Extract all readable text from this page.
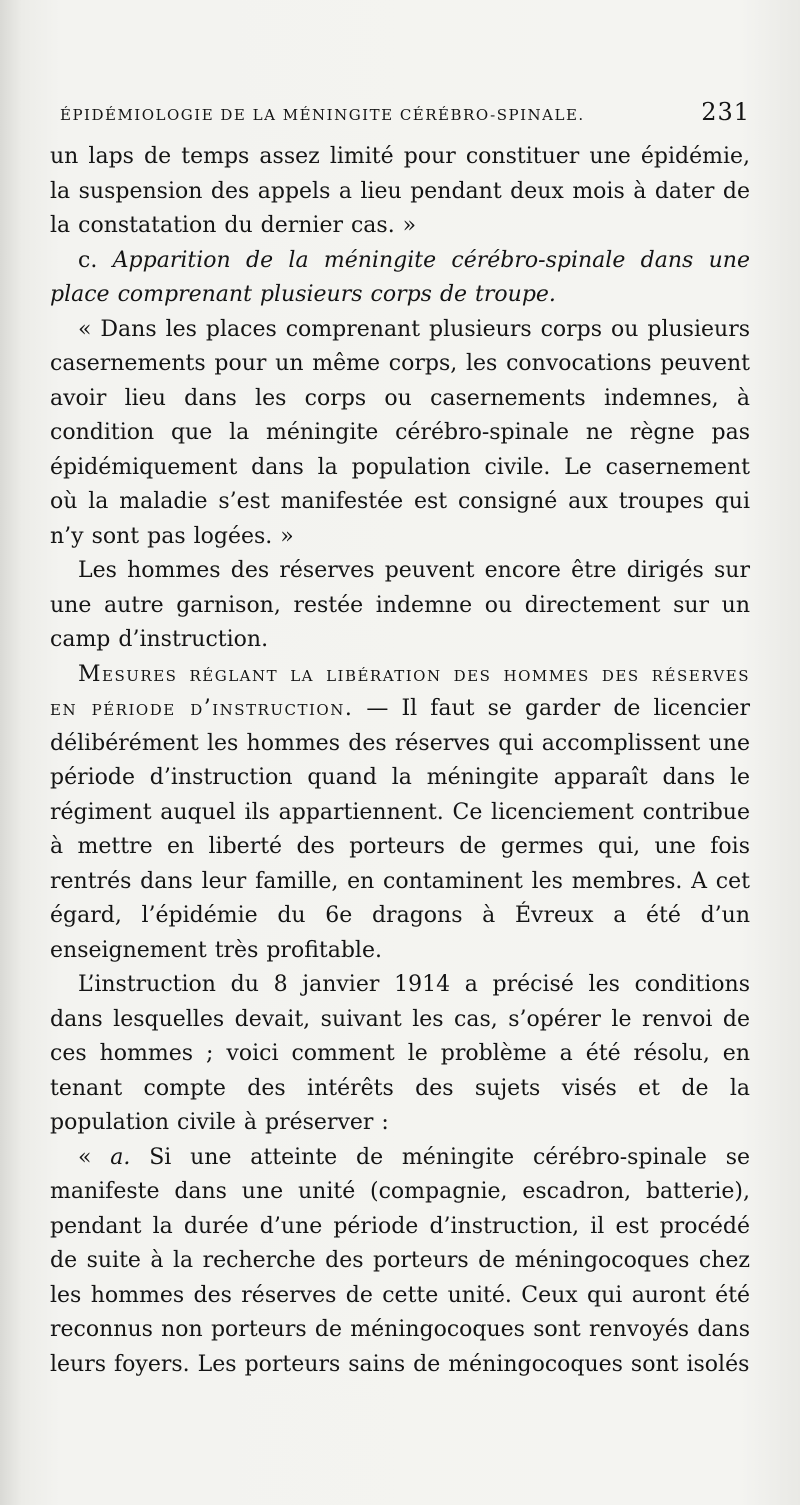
ÉPIDÉMIOLOGIE DE LA MÉNINGITE CÉRÉBRO-SPINALE.	231

un laps de temps assez limité pour constituer une épidémie, la suspension des appels a lieu pendant deux mois à dater de la constatation du dernier cas. »

c. Apparition de la méningite cérébro-spinale dans une place comprenant plusieurs corps de troupe.

« Dans les places comprenant plusieurs corps ou plusieurs casernements pour un même corps, les convocations peuvent avoir lieu dans les corps ou casernements indemnes, à condition que la méningite cérébro-spinale ne règne pas épidémiquement dans la population civile. Le casernement où la maladie s’est manifestée est consigné aux troupes qui n’y sont pas logées. »

Les hommes des réserves peuvent encore être dirigés sur une autre garnison, restée indemne ou directement sur un camp d’instruction.

Mesures réglant la libération des hommes des réserves en période d’instruction. — Il faut se garder de licencier délibérément les hommes des réserves qui accomplissent une période d’instruction quand la méningite apparaît dans le régiment auquel ils appartiennent. Ce licenciement contribue à mettre en liberté des porteurs de germes qui, une fois rentrés dans leur famille, en contaminent les membres. A cet égard, l’épidémie du 6e dragons à Évreux a été d’un enseignement très profitable.

L’instruction du 8 janvier 1914 a précisé les conditions dans lesquelles devait, suivant les cas, s’opérer le renvoi de ces hommes ; voici comment le problème a été résolu, en tenant compte des intérêts des sujets visés et de la population civile à préserver :

« a. Si une atteinte de méningite cérébro-spinale se manifeste dans une unité (compagnie, escadron, batterie), pendant la durée d’une période d’instruction, il est procédé de suite à la recherche des porteurs de méningocoques chez les hommes des réserves de cette unité. Ceux qui auront été reconnus non porteurs de méningocoques sont renvoyés dans leurs foyers. Les porteurs sains de méningocoques sont isolés
